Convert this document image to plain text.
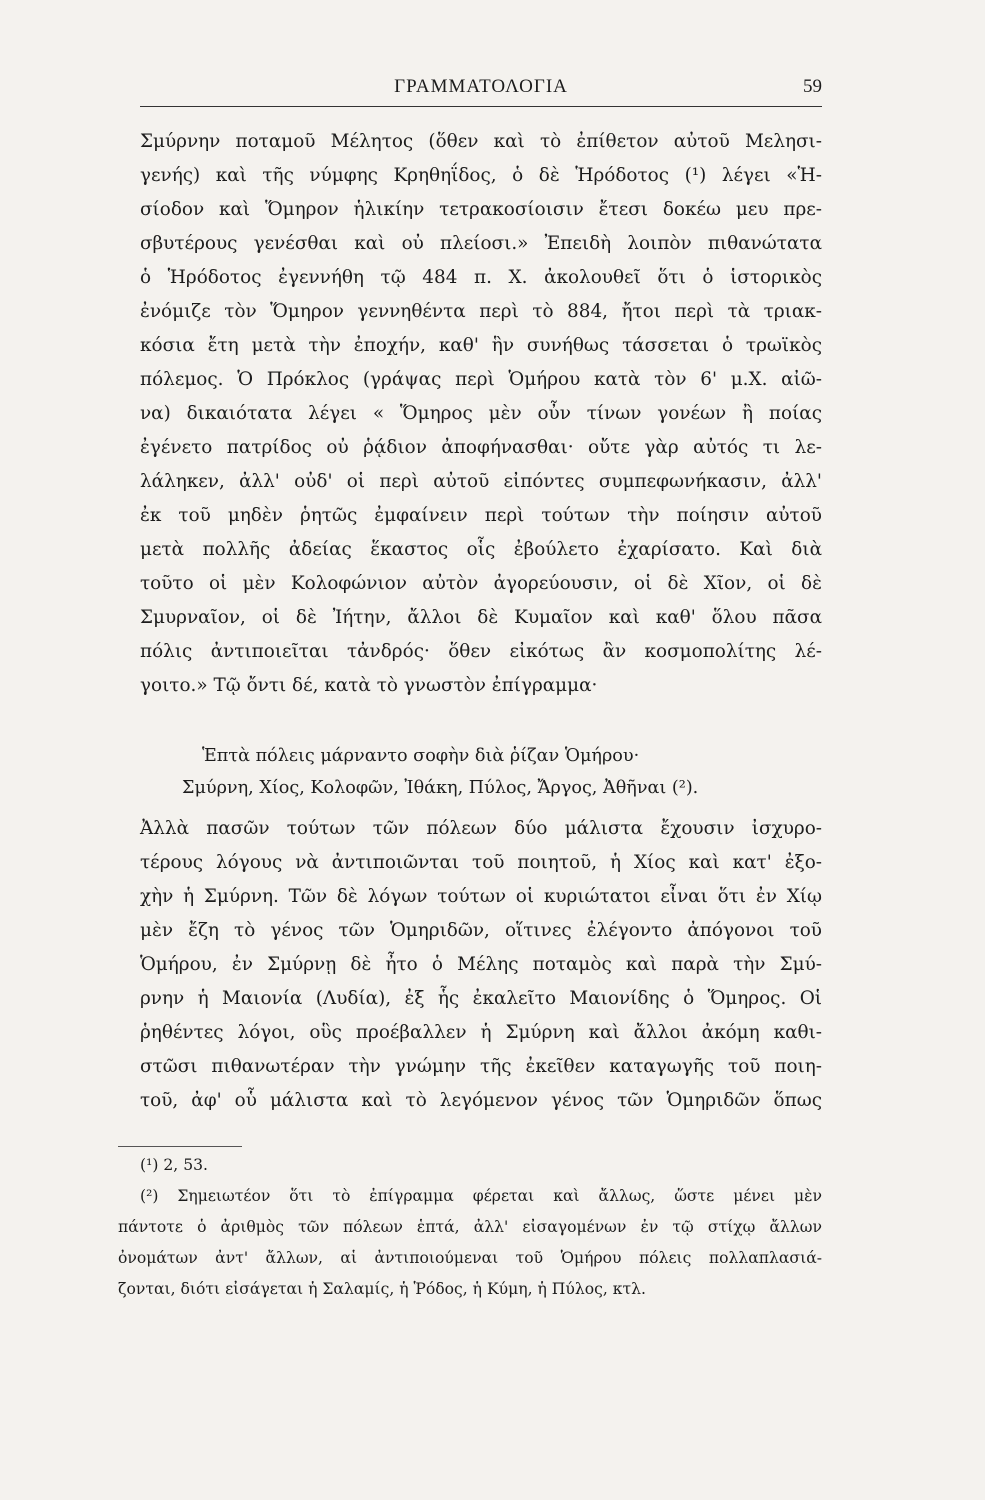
ΓΡΑΜΜΑΤΟΛΟΓΙΑ	59
Σμύρνην ποταμοῦ Μέλητος (ὅθεν καὶ τὸ ἐπίθετον αὐτοῦ Μελησι-
γενής) καὶ τῆς νύμφης Κρηθηΐδος, ὁ δὲ Ἡρόδοτος (¹) λέγει «Ἡ-
σίοδον καὶ Ὅμηρον ἡλικίην τετρακοσίοισιν ἔτεσι δοκέω μευ πρε-
σβυτέρους γενέσθαι καὶ οὐ πλείοσι.» Ἐπειδὴ λοιπὸν πιθανώτατα
ὁ Ἡρόδοτος ἐγεννήθη τῷ 484 π. Χ. ἀκολουθεῖ ὅτι ὁ ἱστορικὸς
ἐνόμιζε τὸν Ὅμηρον γεννηθέντα περὶ τὸ 884, ἤτοι περὶ τὰ τριακ-
κόσια ἔτη μετὰ τὴν ἐποχήν, καθ' ἣν συνήθως τάσσεται ὁ τρωϊκὸς
πόλεμος. Ὁ Πρόκλος (γράψας περὶ Ὁμήρου κατὰ τὸν 6' μ.Χ. αἰῶ-
να) δικαιότατα λέγει « Ὅμηρος μὲν οὖν τίνων γονέων ἢ ποίας
ἐγένετο πατρίδος οὐ ῥᾴδιον ἀποφήνασθαι· οὔτε γὰρ αὐτός τι λε-
λάληκεν, ἀλλ' οὐδ' οἱ περὶ αὐτοῦ εἰπόντες συμπεφωνήκασιν, ἀλλ'
ἐκ τοῦ μηδὲν ῥητῶς ἐμφαίνειν περὶ τούτων τὴν ποίησιν αὐτοῦ
μετὰ πολλῆς ἀδείας ἕκαστος οἷς ἐβούλετο ἐχαρίσατο. Καὶ διὰ
τοῦτο οἱ μὲν Κολοφώνιον αὐτὸν ἀγορεύουσιν, οἱ δὲ Χῖον, οἱ δὲ
Σμυρναῖον, οἱ δὲ Ἰήτην, ἄλλοι δὲ Κυμαῖον καὶ καθ' ὅλου πᾶσα
πόλις ἀντιποιεῖται τἀνδρός· ὅθεν εἰκότως ἂν κοσμοπολίτης λέ-
γοιτο.» Τῷ ὄντι δέ, κατὰ τὸ γνωστὸν ἐπίγραμμα·
Ἑπτὰ πόλεις μάρναντο σοφὴν διὰ ῥίζαν Ὁμήρου·
Σμύρνη, Χίος, Κολοφῶν, Ἰθάκη, Πύλος, Ἄργος, Ἀθῆναι (²).
Ἀλλὰ πασῶν τούτων τῶν πόλεων δύο μάλιστα ἔχουσιν ἰσχυρο-
τέρους λόγους νὰ ἀντιποιῶνται τοῦ ποιητοῦ, ἡ Χίος καὶ κατ' ἐξο-
χὴν ἡ Σμύρνη. Τῶν δὲ λόγων τούτων οἱ κυριώτατοι εἶναι ὅτι ἐν Χίῳ
μὲν ἔζη τὸ γένος τῶν Ὁμηριδῶν, οἵτινες ἐλέγοντο ἀπόγονοι τοῦ
Ὁμήρου, ἐν Σμύρνῃ δὲ ἦτο ὁ Μέλης ποταμὸς καὶ παρὰ τὴν Σμύ-
ρνην ἡ Μαιονία (Λυδία), ἐξ ἧς ἐκαλεῖτο Μαιονίδης ὁ Ὅμηρος. Οἱ
ῥηθέντες λόγοι, οὓς προέβαλλεν ἡ Σμύρνη καὶ ἄλλοι ἀκόμη καθι-
στῶσι πιθανωτέραν τὴν γνώμην τῆς ἐκεῖθεν καταγωγῆς τοῦ ποιη-
τοῦ, ἀφ' οὗ μάλιστα καὶ τὸ λεγόμενον γένος τῶν Ὁμηριδῶν ὅπως
(¹) 2, 53.
(²) Σημειωτέον ὅτι τὸ ἐπίγραμμα φέρεται καὶ ἄλλως, ὥστε μένει μὲν
πάντοτε ὁ ἀριθμὸς τῶν πόλεων ἑπτά, ἀλλ' εἰσαγομένων ἐν τῷ στίχῳ ἄλλων
ὀνομάτων ἀντ' ἄλλων, αἱ ἀντιποιούμεναι τοῦ Ὁμήρου πόλεις πολλαπλασιά-
ζονται, διότι εἰσάγεται ἡ Σαλαμίς, ἡ Ῥόδος, ἡ Κύμη, ἡ Πύλος, κτλ.
